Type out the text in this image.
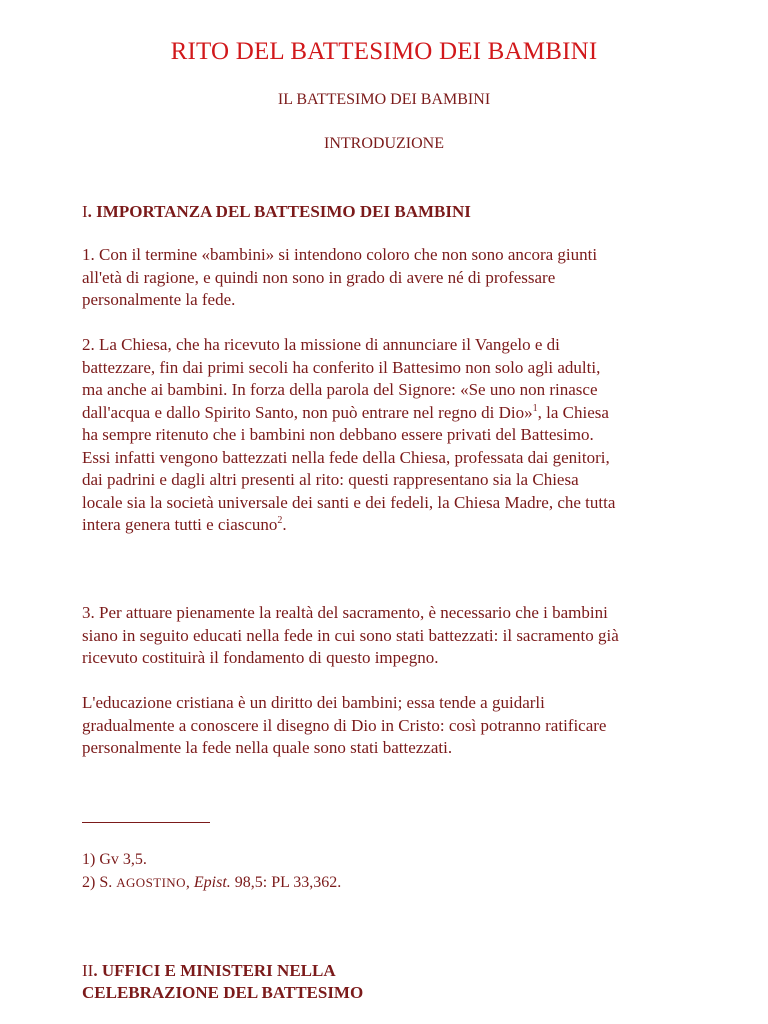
RITO DEL BATTESIMO DEI BAMBINI
IL BATTESIMO DEI BAMBINI
INTRODUZIONE
I. IMPORTANZA DEL BATTESIMO DEI BAMBINI

1. Con il termine «bambini» si intendono coloro che non sono ancora giunti all'età di ragione, e quindi non sono in grado di avere né di professare personalmente la fede.

2. La Chiesa, che ha ricevuto la missione di annunciare il Vangelo e di battezzare, fin dai primi secoli ha conferito il Battesimo non solo agli adulti, ma anche ai bambini. In forza della parola del Signore: «Se uno non rinasce dall'acqua e dallo Spirito Santo, non può entrare nel regno di Dio»$^1$, la Chiesa ha sempre ritenuto che i bambini non debbano essere privati del Battesimo. Essi infatti vengono battezzati nella fede della Chiesa, professata dai genitori, dai padrini e dagli altri presenti al rito: questi rappresentano sia la Chiesa locale sia la società universale dei santi e dei fedeli, la Chiesa Madre, che tutta intera genera tutti e ciascuno$^2$.

3. Per attuare pienamente la realtà del sacramento, è necessario che i bambini siano in seguito educati nella fede in cui sono stati battezzati: il sacramento già ricevuto costituirà il fondamento di questo impegno.

L'educazione cristiana è un diritto dei bambini; essa tende a guidarli gradualmente a conoscere il disegno di Dio in Cristo: così potranno ratificare personalmente la fede nella quale sono stati battezzati.

1) Gv 3,5.
2) S. AGOSTINO, Epist. 98,5: PL 33,362.
II. UFFICI E MINISTERI NELLA
CELEBRAZIONE DEL BATTESIMO
